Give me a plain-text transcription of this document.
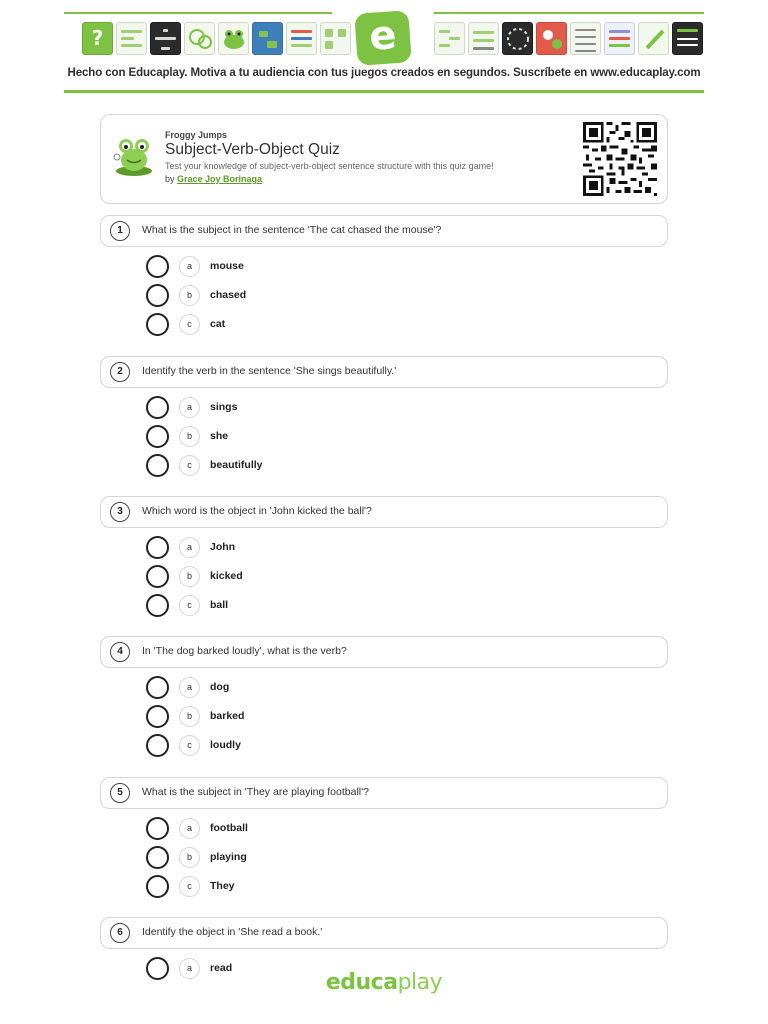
?	e
Hecho con Educaplay. Motiva a tu audiencia con tus juegos creados en segundos. Suscríbete en www.educaplay.com
Froggy Jumps
Subject-Verb-Object Quiz
Test your knowledge of subject-verb-object sentence structure with this quiz game!
by Grace Joy Borinaga
1	What is the subject in the sentence 'The cat chased the mouse'?
a	mouse
b	chased
c	cat
2	Identify the verb in the sentence 'She sings beautifully.'
a	sings
b	she
c	beautifully
3	Which word is the object in 'John kicked the ball'?
a	John
b	kicked
c	ball
4	In 'The dog barked loudly', what is the verb?
a	dog
b	barked
c	loudly
5	What is the subject in 'They are playing football'?
a	football
b	playing
c	They
6	Identify the object in 'She read a book.'
a	read
educaplay
